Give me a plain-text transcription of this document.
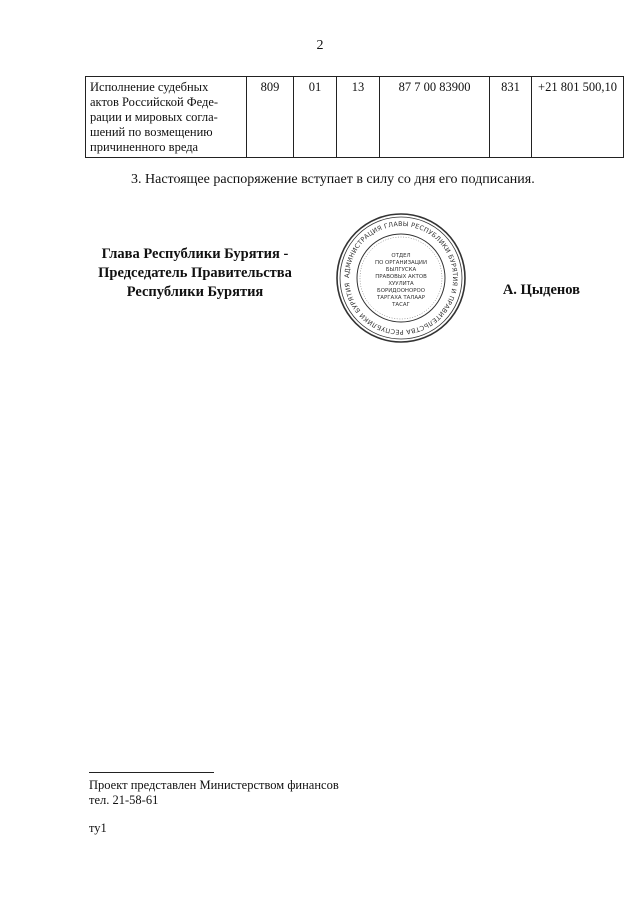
2
Исполнение судебных
актов Российской Феде-
рации и мировых согла-
шений по возмещению
причиненного вреда	809	01	13	87 7 00 83900	831	+21 801 500,10
3. Настоящее распоряжение вступает в силу со дня его подписания.
Глава Республики Бурятия -
Председатель Правительства
Республики Бурятия
АДМИНИСТРАЦИЯ ГЛАВЫ РЕСПУБЛИКИ БУРЯТИЯ И ПРАВИТЕЛЬСТВА РЕСПУБЛИКИ БУРЯТИЯ
ОТДЕЛ
ПО ОРГАНИЗАЦИИ
БЫЛГУСКА
ПРАВОВЫХ АКТОВ
ХУУЛИТА
БОРИДООНОРОО
ТАРГАХА ТАЛААР
ТАСАГ
А. Цыденов
Проект представлен Министерством финансов
тел. 21-58-61
ту1
